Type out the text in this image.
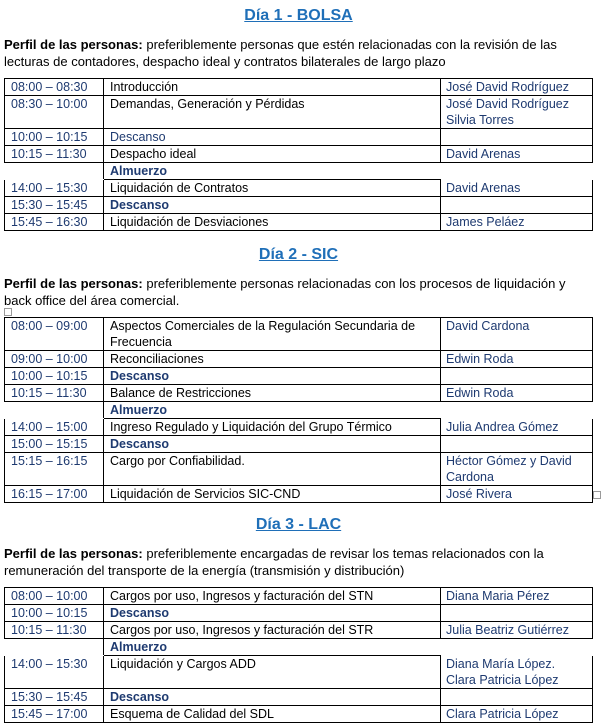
Día 1 - BOLSA
Perfil de las personas: preferiblemente personas que estén relacionadas con la revisión de las lecturas de contadores, despacho ideal y contratos bilaterales de largo plazo
08:00 – 08:30	Introducción	José David Rodríguez
08:30 – 10:00	Demandas, Generación y Pérdidas	José David Rodríguez
Silvia Torres
10:00 – 10:15	Descanso	
10:15 – 11:30	Despacho ideal	David Arenas
	Almuerzo	
14:00 – 15:30	Liquidación de Contratos	David Arenas
15:30 – 15:45	Descanso	
15:45 – 16:30	Liquidación de Desviaciones	James Peláez
Día 2 - SIC
Perfil de las personas: preferiblemente personas relacionadas con los procesos de liquidación y back office del área comercial.
08:00 – 09:00	Aspectos Comerciales de la Regulación Secundaria de Frecuencia	David Cardona
09:00 – 10:00	Reconciliaciones	Edwin Roda
10:00 – 10:15	Descanso	
10:15 – 11:30	Balance de Restricciones	Edwin Roda
	Almuerzo	
14:00 – 15:00	Ingreso Regulado y Liquidación del Grupo Térmico	Julia Andrea Gómez
15:00 – 15:15	Descanso	
15:15 – 16:15	Cargo por Confiabilidad.	Héctor Gómez y David Cardona
16:15 – 17:00	Liquidación de Servicios SIC-CND	José Rivera
Día 3 - LAC
Perfil de las personas: preferiblemente encargadas de revisar los temas relacionados con la remuneración del transporte de la energía (transmisión y distribución)
08:00 – 10:00	Cargos por uso, Ingresos y facturación del STN	Diana Maria Pérez
10:00 – 10:15	Descanso	
10:15 – 11:30	Cargos por uso, Ingresos y facturación del STR	Julia Beatriz Gutiérrez
	Almuerzo	
14:00 – 15:30	Liquidación y Cargos ADD	Diana María López.
Clara Patricia López
15:30 – 15:45	Descanso	
15:45 – 17:00	Esquema de Calidad del SDL	Clara Patricia López
